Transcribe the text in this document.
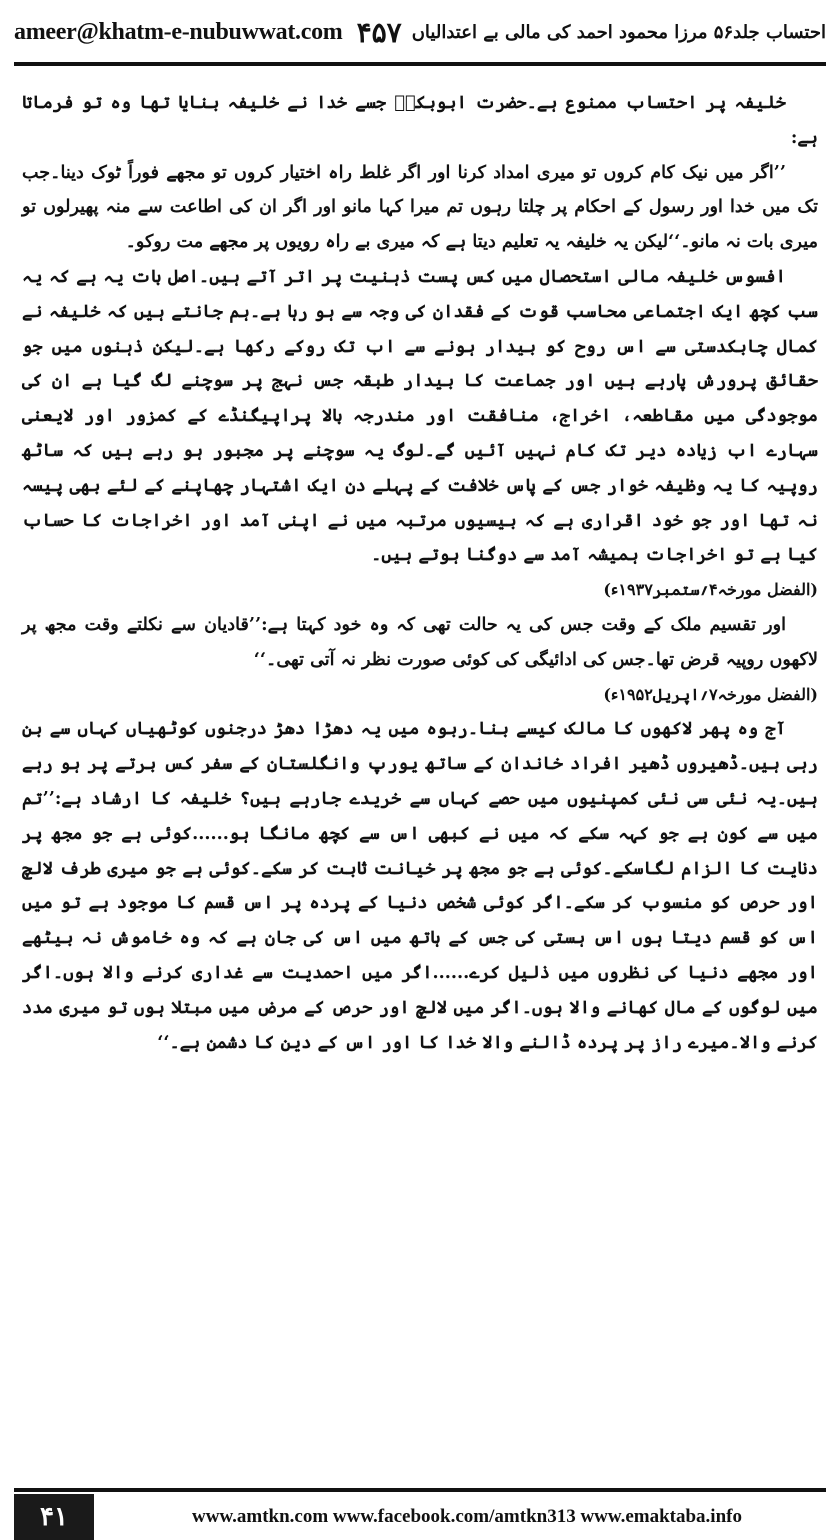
ameer@khatm-e-nubuwwat.com	احتساب جلد۵۶ مرزا محمود احمد کی مالی بے اعتدالیاں
۴۵۷

خلیفہ پر احتساب ممنوع ہے۔حضرت ابوبکرؓ جسے خدا نے خلیفہ بنایا تھا وہ تو فرماتا ہے:

’’اگر میں نیک کام کروں تو میری امداد کرنا اور اگر غلط راہ اختیار کروں تو مجھے فوراً ٹوک دینا۔جب تک میں خدا اور رسول کے احکام پر چلتا رہوں تم میرا کہا مانو اور اگر ان کی اطاعت سے منہ پھیرلوں تو میری بات نہ مانو۔‘‘لیکن یہ خلیفہ یہ تعلیم دیتا ہے کہ میری بے راہ رویوں پر مجھے مت روکو۔

افسوس خلیفہ مالی استحصال میں کس پست ذہنیت پر اتر آتے ہیں۔اصل بات یہ ہے کہ یہ سب کچھ ایک اجتماعی محاسب قوت کے فقدان کی وجہ سے ہو رہا ہے۔ہم جانتے ہیں کہ خلیفہ نے کمال چابکدستی سے اس روح کو بیدار ہونے سے اب تک روکے رکھا ہے۔لیکن ذہنوں میں جو حقائق پرورش پارہے ہیں اور جماعت کا بیدار طبقہ جس نہج پر سوچنے لگ گیا ہے ان کی موجودگی میں مقاطعہ، اخراج، منافقت اور مندرجہ بالا پراپیگنڈے کے کمزور اور لایعنی سہارے اب زیادہ دیر تک کام نہیں آئیں گے۔لوگ یہ سوچنے پر مجبور ہو رہے ہیں کہ ساٹھ روپیہ کا یہ وظیفہ خوار جس کے پاس خلافت کے پہلے دن ایک اشتہار چھاپنے کے لئے بھی پیسہ نہ تھا اور جو خود اقراری ہے کہ بیسیوں مرتبہ میں نے اپنی آمد اور اخراجات کا حساب کیا ہے تو اخراجات ہمیشہ آمد سے دوگنا ہوتے ہیں۔

(الفضل مورخہ۴؍ستمبر۱۹۳۷ء)

اور تقسیم ملک کے وقت جس کی یہ حالت تھی کہ وہ خود کہتا ہے:’’قادیان سے نکلتے وقت مجھ پر لاکھوں روپیہ قرض تھا۔جس کی ادائیگی کی کوئی صورت نظر نہ آتی تھی۔‘‘

(الفضل مورخہ۷؍اپریل۱۹۵۲ء)

آج وہ پھر لاکھوں کا مالک کیسے بنا۔ربوہ میں یہ دھڑا دھڑ درجنوں کوٹھیاں کہاں سے بن رہی ہیں۔ڈھیروں ڈھیر افراد خاندان کے ساتھ یورپ وانگلستان کے سفر کس برتے پر ہو رہے ہیں۔یہ نئی سی نئی کمپنیوں میں حصے کہاں سے خریدے جارہے ہیں؟ خلیفہ کا ارشاد ہے:’’تم میں سے کون ہے جو کہہ سکے کہ میں نے کبھی اس سے کچھ مانگا ہو......کوئی ہے جو مجھ پر دنایت کا الزام لگاسکے۔کوئی ہے جو مجھ پر خیانت ثابت کر سکے۔کوئی ہے جو میری طرف لالچ اور حرص کو منسوب کر سکے۔اگر کوئی شخص دنیا کے پردہ پر اس قسم کا موجود ہے تو میں اس کو قسم دیتا ہوں اس ہستی کی جس کے ہاتھ میں اس کی جان ہے کہ وہ خاموش نہ بیٹھے اور مجھے دنیا کی نظروں میں ذلیل کرے......اگر میں احمدیت سے غداری کرنے والا ہوں۔اگر میں لوگوں کے مال کھانے والا ہوں۔اگر میں لالچ اور حرص کے مرض میں مبتلا ہوں تو میری مدد کرنے والا۔میرے راز پر پردہ ڈالنے والا خدا کا اور اس کے دین کا دشمن ہے۔‘‘

۴۱	www.amtkn.com www.facebook.com/amtkn313 www.emaktaba.info
